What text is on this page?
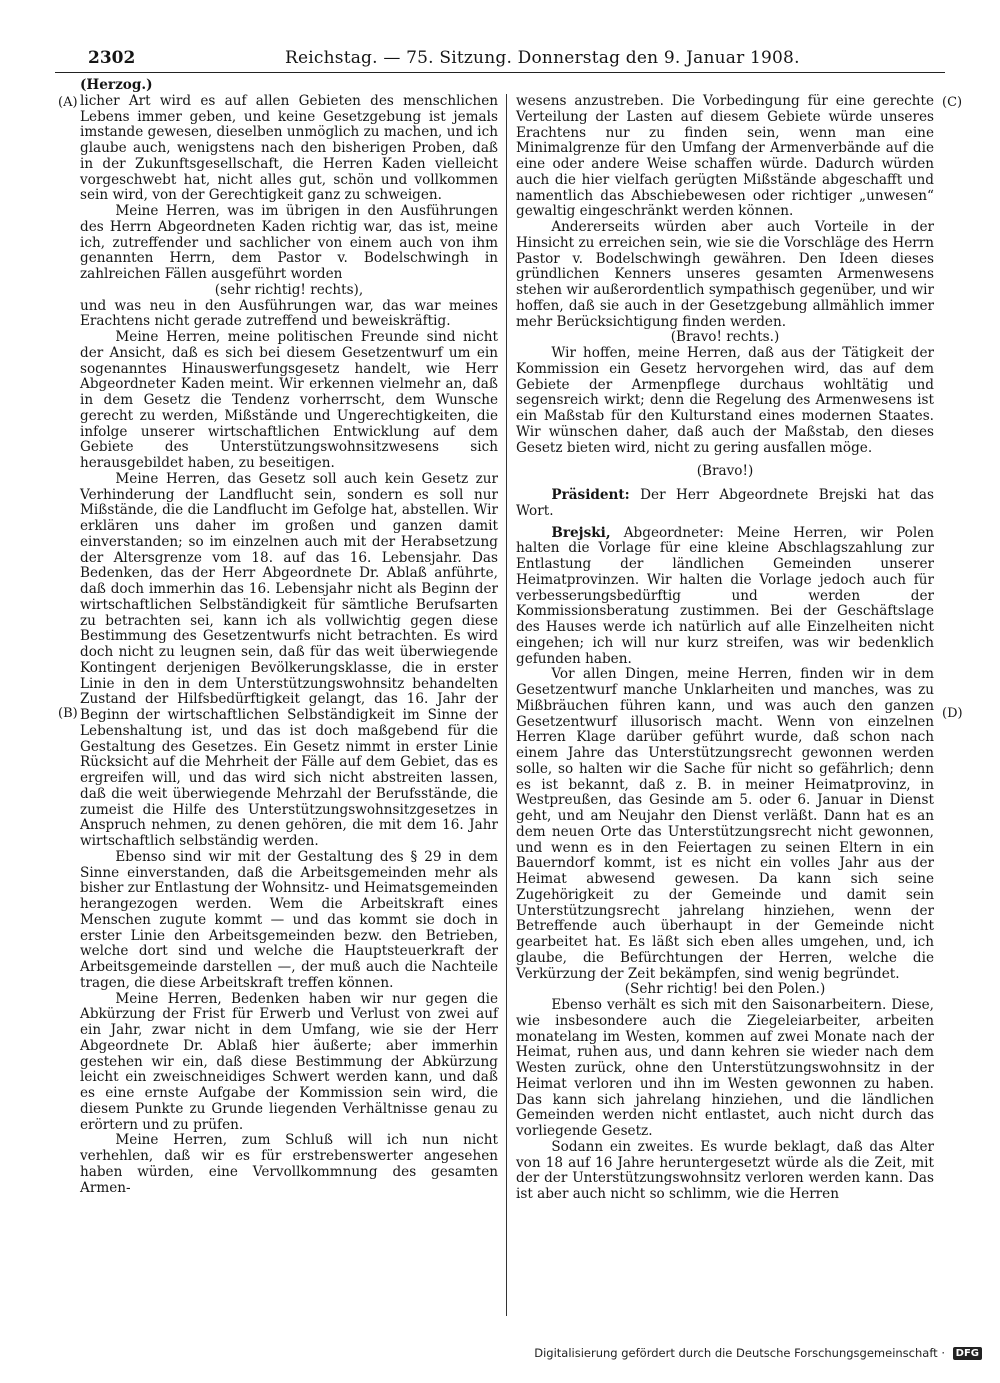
2302	Reichstag. — 75. Sitzung. Donnerstag den 9. Januar 1908.
(A)
(B)
(C)
(D)

(Herzog.)

licher Art wird es auf allen Gebieten des menschlichen Lebens immer geben, und keine Gesetzgebung ist jemals imstande gewesen, dieselben unmöglich zu machen, und ich glaube auch, wenigstens nach den bisherigen Proben, daß in der Zukunftsgesellschaft, die Herren Kaden vielleicht vorgeschwebt hat, nicht alles gut, schön und vollkommen sein wird, von der Gerechtigkeit ganz zu schweigen.

Meine Herren, was im übrigen in den Ausführungen des Herrn Abgeordneten Kaden richtig war, das ist, meine ich, zutreffender und sachlicher von einem auch von ihm genannten Herrn, dem Pastor v. Bodelschwingh in zahlreichen Fällen ausgeführt worden

(sehr richtig! rechts),

und was neu in den Ausführungen war, das war meines Erachtens nicht gerade zutreffend und beweiskräftig.

Meine Herren, meine politischen Freunde sind nicht der Ansicht, daß es sich bei diesem Gesetzentwurf um ein sogenanntes Hinauswerfungsgesetz handelt, wie Herr Abgeordneter Kaden meint. Wir erkennen vielmehr an, daß in dem Gesetz die Tendenz vorherrscht, dem Wunsche gerecht zu werden, Mißstände und Ungerechtigkeiten, die infolge unserer wirtschaftlichen Entwicklung auf dem Gebiete des Unterstützungswohnsitzwesens sich herausgebildet haben, zu beseitigen.

Meine Herren, das Gesetz soll auch kein Gesetz zur Verhinderung der Landflucht sein, sondern es soll nur Mißstände, die die Landflucht im Gefolge hat, abstellen. Wir erklären uns daher im großen und ganzen damit einverstanden; so im einzelnen auch mit der Herabsetzung der Altersgrenze vom 18. auf das 16. Lebensjahr. Das Bedenken, das der Herr Abgeordnete Dr. Ablaß anführte, daß doch immerhin das 16. Lebensjahr nicht als Beginn der wirtschaftlichen Selbständigkeit für sämtliche Berufsarten zu betrachten sei, kann ich als vollwichtig gegen diese Bestimmung des Gesetzentwurfs nicht betrachten. Es wird doch nicht zu leugnen sein, daß für das weit überwiegende Kontingent derjenigen Bevölkerungsklasse, die in erster Linie in den in dem Unterstützungswohnsitz behandelten Zustand der Hilfsbedürftigkeit gelangt, das 16. Jahr der Beginn der wirtschaftlichen Selbständigkeit im Sinne der Lebenshaltung ist, und das ist doch maßgebend für die Gestaltung des Gesetzes. Ein Gesetz nimmt in erster Linie Rücksicht auf die Mehrheit der Fälle auf dem Gebiet, das es ergreifen will, und das wird sich nicht abstreiten lassen, daß die weit überwiegende Mehrzahl der Berufsstände, die zumeist die Hilfe des Unterstützungswohnsitzgesetzes in Anspruch nehmen, zu denen gehören, die mit dem 16. Jahr wirtschaftlich selbständig werden.

Ebenso sind wir mit der Gestaltung des § 29 in dem Sinne einverstanden, daß die Arbeitsgemeinden mehr als bisher zur Entlastung der Wohnsitz- und Heimatsgemeinden herangezogen werden. Wem die Arbeitskraft eines Menschen zugute kommt — und das kommt sie doch in erster Linie den Arbeitsgemeinden bezw. den Betrieben, welche dort sind und welche die Hauptsteuerkraft der Arbeitsgemeinde darstellen —, der muß auch die Nachteile tragen, die diese Arbeitskraft treffen können.

Meine Herren, Bedenken haben wir nur gegen die Abkürzung der Frist für Erwerb und Verlust von zwei auf ein Jahr, zwar nicht in dem Umfang, wie sie der Herr Abgeordnete Dr. Ablaß hier äußerte; aber immerhin gestehen wir ein, daß diese Bestimmung der Abkürzung leicht ein zweischneidiges Schwert werden kann, und daß es eine ernste Aufgabe der Kommission sein wird, die diesem Punkte zu Grunde liegenden Verhältnisse genau zu erörtern und zu prüfen.

Meine Herren, zum Schluß will ich nun nicht verhehlen, daß wir es für erstrebenswerter angesehen haben würden, eine Vervollkommnung des gesamten Armen-

wesens anzustreben. Die Vorbedingung für eine gerechte Verteilung der Lasten auf diesem Gebiete würde unseres Erachtens nur zu finden sein, wenn man eine Minimalgrenze für den Umfang der Armenverbände auf die eine oder andere Weise schaffen würde. Dadurch würden auch die hier vielfach gerügten Mißstände abgeschafft und namentlich das Abschiebewesen oder richtiger „unwesen“ gewaltig eingeschränkt werden können.

Andererseits würden aber auch Vorteile in der Hinsicht zu erreichen sein, wie sie die Vorschläge des Herrn Pastor v. Bodelschwingh gewähren. Den Ideen dieses gründlichen Kenners unseres gesamten Armenwesens stehen wir außerordentlich sympathisch gegenüber, und wir hoffen, daß sie auch in der Gesetzgebung allmählich immer mehr Berücksichtigung finden werden.

(Bravo! rechts.)

Wir hoffen, meine Herren, daß aus der Tätigkeit der Kommission ein Gesetz hervorgehen wird, das auf dem Gebiete der Armenpflege durchaus wohltätig und segensreich wirkt; denn die Regelung des Armenwesens ist ein Maßstab für den Kulturstand eines modernen Staates. Wir wünschen daher, daß auch der Maßstab, den dieses Gesetz bieten wird, nicht zu gering ausfallen möge.

(Bravo!)

Präsident: Der Herr Abgeordnete Brejski hat das Wort.

Brejski, Abgeordneter: Meine Herren, wir Polen halten die Vorlage für eine kleine Abschlagszahlung zur Entlastung der ländlichen Gemeinden unserer Heimatprovinzen. Wir halten die Vorlage jedoch auch für verbesserungsbedürftig und werden der Kommissionsberatung zustimmen. Bei der Geschäftslage des Hauses werde ich natürlich auf alle Einzelheiten nicht eingehen; ich will nur kurz streifen, was wir bedenklich gefunden haben.

Vor allen Dingen, meine Herren, finden wir in dem Gesetzentwurf manche Unklarheiten und manches, was zu Mißbräuchen führen kann, und was auch den ganzen Gesetzentwurf illusorisch macht. Wenn von einzelnen Herren Klage darüber geführt wurde, daß schon nach einem Jahre das Unterstützungsrecht gewonnen werden solle, so halten wir die Sache für nicht so gefährlich; denn es ist bekannt, daß z. B. in meiner Heimatprovinz, in Westpreußen, das Gesinde am 5. oder 6. Januar in Dienst geht, und am Neujahr den Dienst verläßt. Dann hat es an dem neuen Orte das Unterstützungsrecht nicht gewonnen, und wenn es in den Feiertagen zu seinen Eltern in ein Bauerndorf kommt, ist es nicht ein volles Jahr aus der Heimat abwesend gewesen. Da kann sich seine Zugehörigkeit zu der Gemeinde und damit sein Unterstützungsrecht jahrelang hinziehen, wenn der Betreffende auch überhaupt in der Gemeinde nicht gearbeitet hat. Es läßt sich eben alles umgehen, und, ich glaube, die Befürchtungen der Herren, welche die Verkürzung der Zeit bekämpfen, sind wenig begründet.

(Sehr richtig! bei den Polen.)

Ebenso verhält es sich mit den Saisonarbeitern. Diese, wie insbesondere auch die Ziegeleiarbeiter, arbeiten monatelang im Westen, kommen auf zwei Monate nach der Heimat, ruhen aus, und dann kehren sie wieder nach dem Westen zurück, ohne den Unterstützungswohnsitz in der Heimat verloren und ihn im Westen gewonnen zu haben. Das kann sich jahrelang hinziehen, und die ländlichen Gemeinden werden nicht entlastet, auch nicht durch das vorliegende Gesetz.

Sodann ein zweites. Es wurde beklagt, daß das Alter von 18 auf 16 Jahre heruntergesetzt würde als die Zeit, mit der der Unterstützungswohnsitz verloren werden kann. Das ist aber auch nicht so schlimm, wie die Herren

Digitalisierung gefördert durch die Deutsche Forschungsgemeinschaft · DFG
